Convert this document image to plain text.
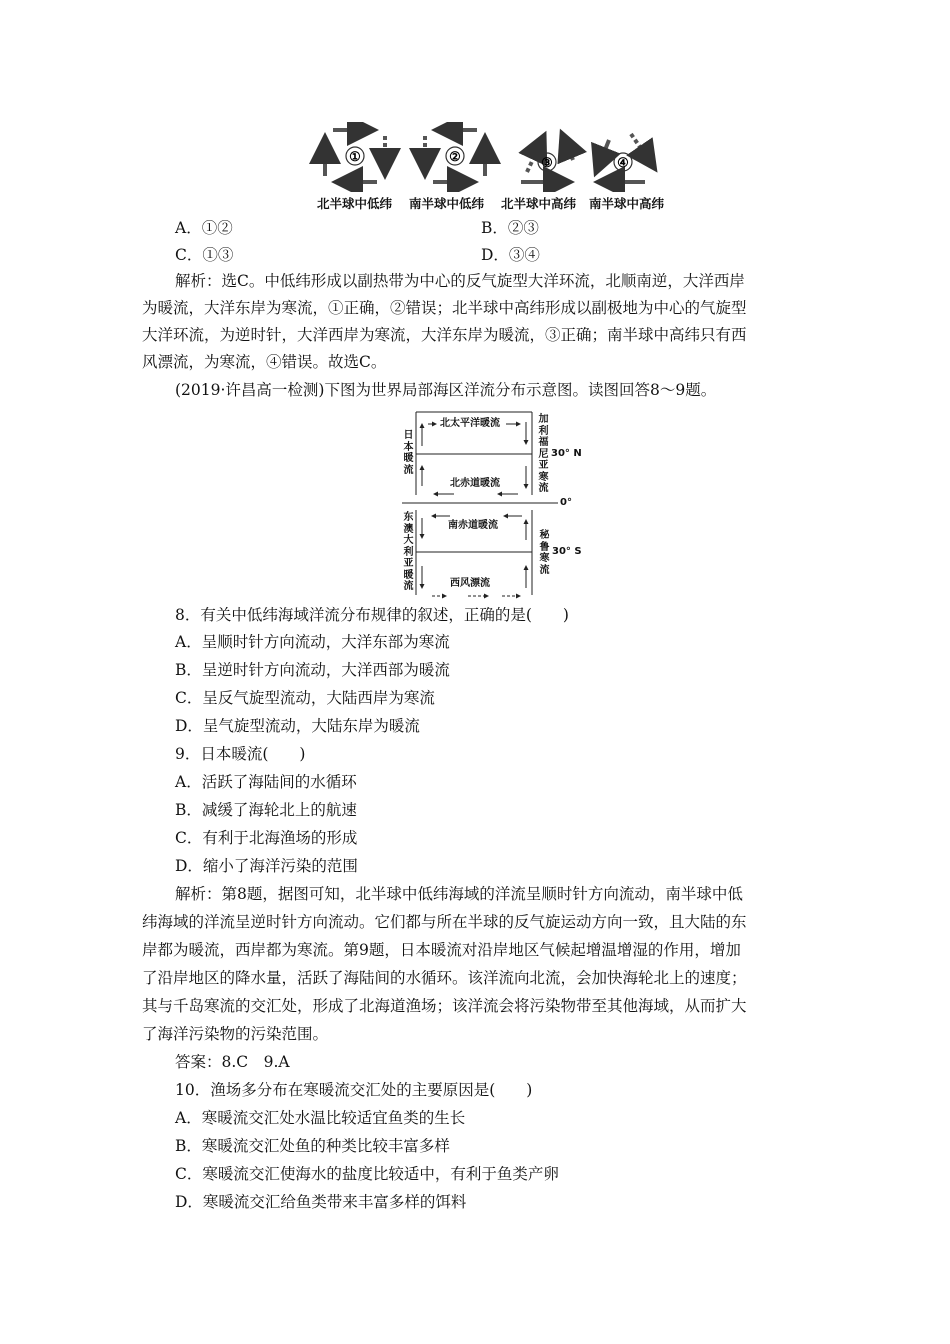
①	②	③	④
北半球中低纬 南半球中低纬 北半球中高纬 南半球中高纬
A．①②	B．②③
C．①③	D．③④
解析：选C。中低纬形成以副热带为中心的反气旋型大洋环流，北顺南逆，大洋西岸
为暖流，大洋东岸为寒流，①正确，②错误；北半球中高纬形成以副极地为中心的气旋型
大洋环流，为逆时针，大洋西岸为寒流，大洋东岸为暖流，③正确；南半球中高纬只有西
风漂流，为寒流，④错误。故选C。
(2019·许昌高一检测)下图为世界局部海区洋流分布示意图。读图回答8～9题。
北太平洋暖流
日本暖流
加利福尼亚寒流
30° N
北赤道暖流
0°
东澳大利亚暖流
南赤道暖流
秘鲁寒流
30° S
西风漂流
8．有关中低纬海域洋流分布规律的叙述，正确的是(　　)
A．呈顺时针方向流动，大洋东部为寒流
B．呈逆时针方向流动，大洋西部为暖流
C．呈反气旋型流动，大陆西岸为寒流
D．呈气旋型流动，大陆东岸为暖流
9．日本暖流(　　)
A．活跃了海陆间的水循环
B．减缓了海轮北上的航速
C．有利于北海渔场的形成
D．缩小了海洋污染的范围
解析：第8题，据图可知，北半球中低纬海域的洋流呈顺时针方向流动，南半球中低
纬海域的洋流呈逆时针方向流动。它们都与所在半球的反气旋运动方向一致，且大陆的东
岸都为暖流，西岸都为寒流。第9题，日本暖流对沿岸地区气候起增温增湿的作用，增加
了沿岸地区的降水量，活跃了海陆间的水循环。该洋流向北流，会加快海轮北上的速度；
其与千岛寒流的交汇处，形成了北海道渔场；该洋流会将污染物带至其他海域，从而扩大
了海洋污染物的污染范围。
答案：8.C　9.A
10．渔场多分布在寒暖流交汇处的主要原因是(　　)
A．寒暖流交汇处水温比较适宜鱼类的生长
B．寒暖流交汇处鱼的种类比较丰富多样
C．寒暖流交汇使海水的盐度比较适中，有利于鱼类产卵
D．寒暖流交汇给鱼类带来丰富多样的饵料
